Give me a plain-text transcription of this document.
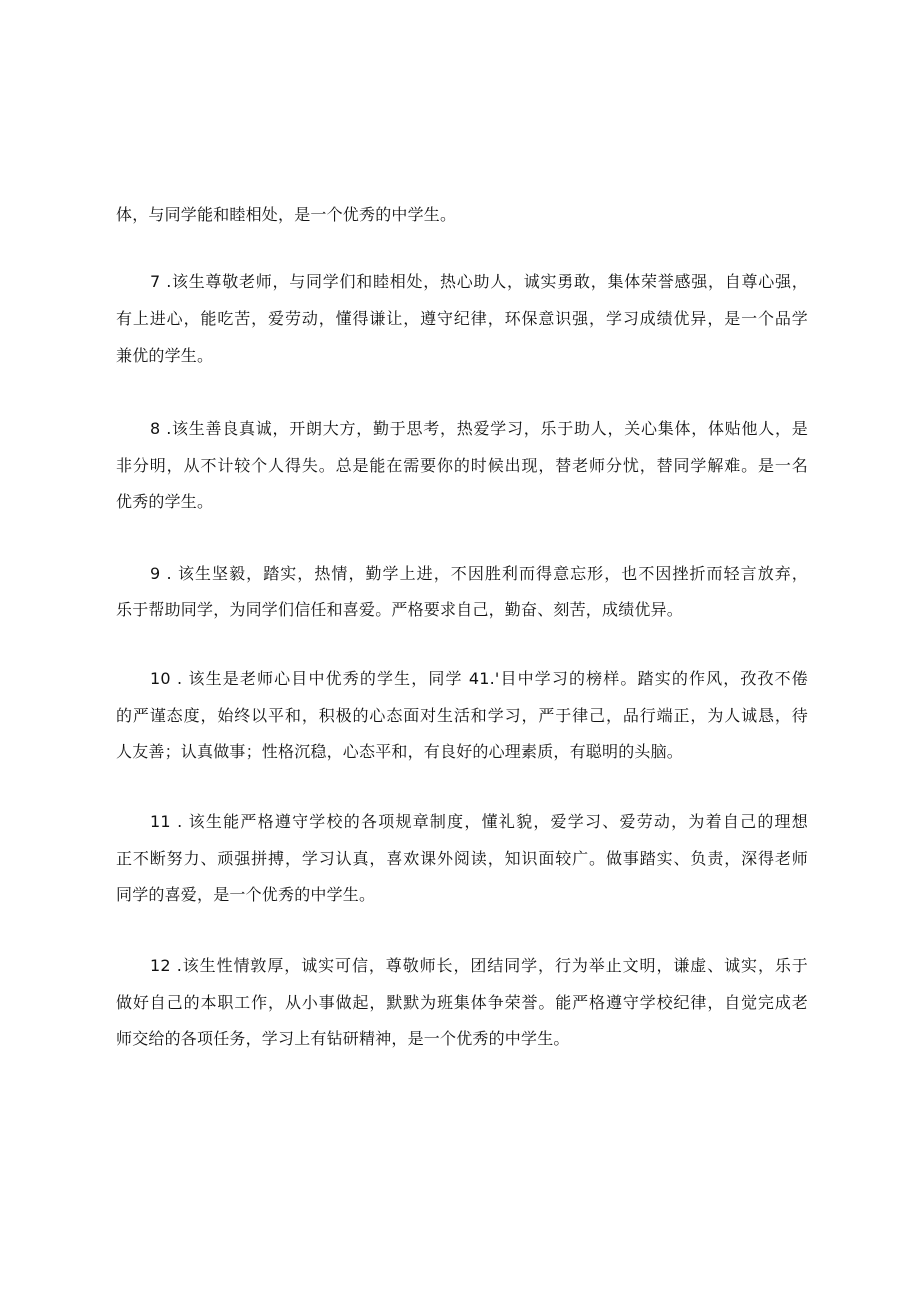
体，与同学能和睦相处，是一个优秀的中学生。
7 .该生尊敬老师，与同学们和睦相处，热心助人，诚实勇敢，集体荣誉感强，自尊心强，
有上进心，能吃苦，爱劳动，懂得谦让，遵守纪律，环保意识强，学习成绩优异，是一个品学
兼优的学生。
8 .该生善良真诚，开朗大方，勤于思考，热爱学习，乐于助人，关心集体，体贴他人，是
非分明，从不计较个人得失。总是能在需要你的时候出现，替老师分忧，替同学解难。是一名
优秀的学生。
9 . 该生坚毅，踏实，热情，勤学上进，不因胜利而得意忘形，也不因挫折而轻言放弃，
乐于帮助同学，为同学们信任和喜爱。严格要求自己，勤奋、刻苦，成绩优异。
10 . 该生是老师心目中优秀的学生，同学 41.'目中学习的榜样。踏实的作风，孜孜不倦
的严谨态度，始终以平和，积极的心态面对生活和学习，严于律己，品行端正，为人诚恳，待
人友善；认真做事；性格沉稳，心态平和，有良好的心理素质，有聪明的头脑。
11 . 该生能严格遵守学校的各项规章制度，懂礼貌，爱学习、爱劳动，为着自己的理想
正不断努力、顽强拼搏，学习认真，喜欢课外阅读，知识面较广。做事踏实、负责，深得老师
同学的喜爱，是一个优秀的中学生。
12 .该生性情敦厚，诚实可信，尊敬师长，团结同学，行为举止文明，谦虚、诚实，乐于
做好自己的本职工作，从小事做起，默默为班集体争荣誉。能严格遵守学校纪律，自觉完成老
师交给的各项任务，学习上有钻研精神，是一个优秀的中学生。
